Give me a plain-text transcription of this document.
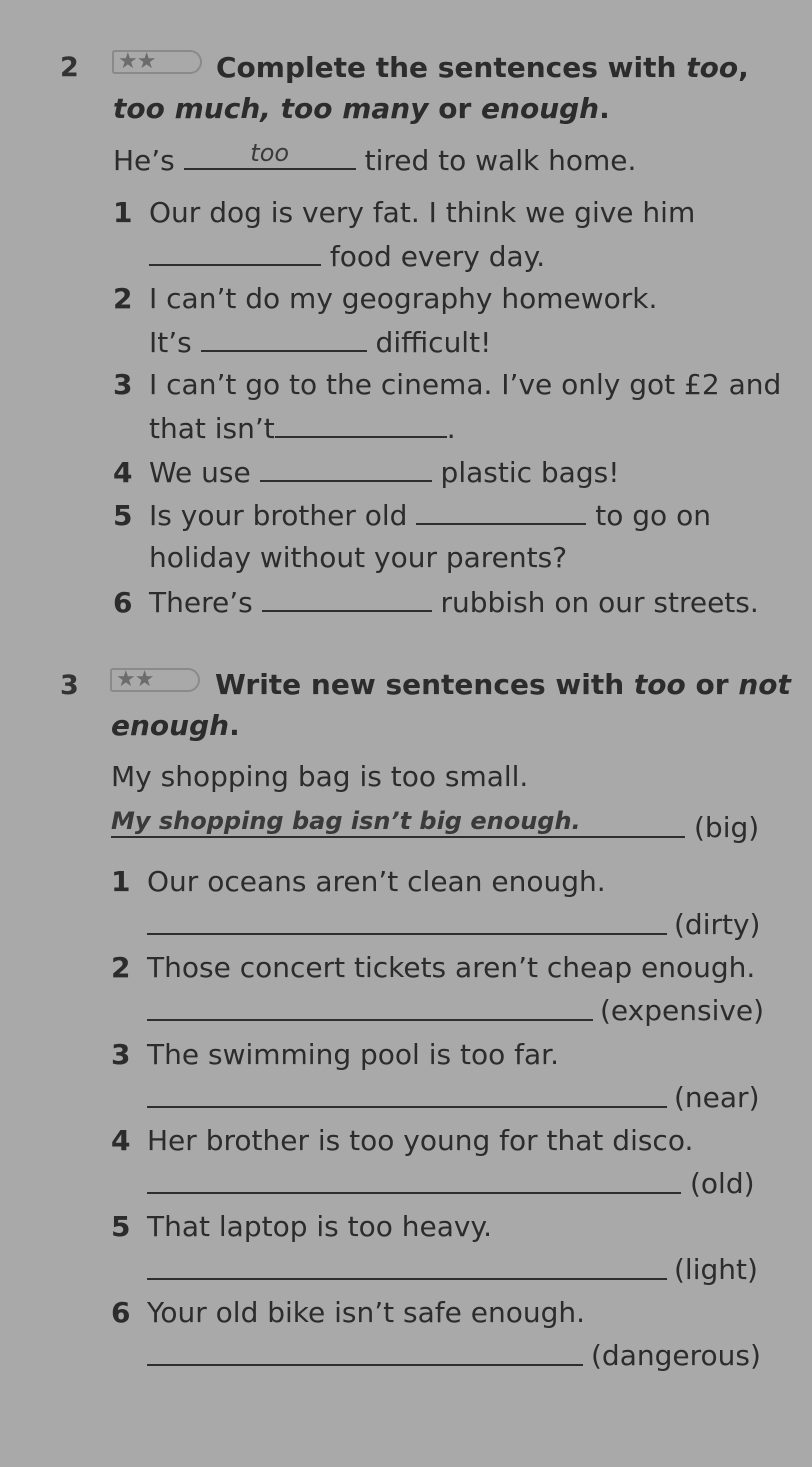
2 ★★	Complete the sentences with too,
too much, too many or enough.
He’s	too	tired to walk home.
1 Our dog is very fat. I think we give him
food every day.
2 I can’t do my geography homework.
It’s	difficult!
3 I can’t go to the cinema. I’ve only got £2 and
that isn’t	.
4 We use	plastic bags!
5 Is your brother old	to go on
holiday without your parents?
6 There’s	rubbish on our streets.
3 ★★	Write new sentences with too or not
enough.
My shopping bag is too small.
My shopping bag isn’t big enough.	(big)
1 Our oceans aren’t clean enough.
(dirty)
2 Those concert tickets aren’t cheap enough.
(expensive)
3 The swimming pool is too far.
(near)
4 Her brother is too young for that disco.
(old)
5 That laptop is too heavy.
(light)
6 Your old bike isn’t safe enough.
(dangerous)
